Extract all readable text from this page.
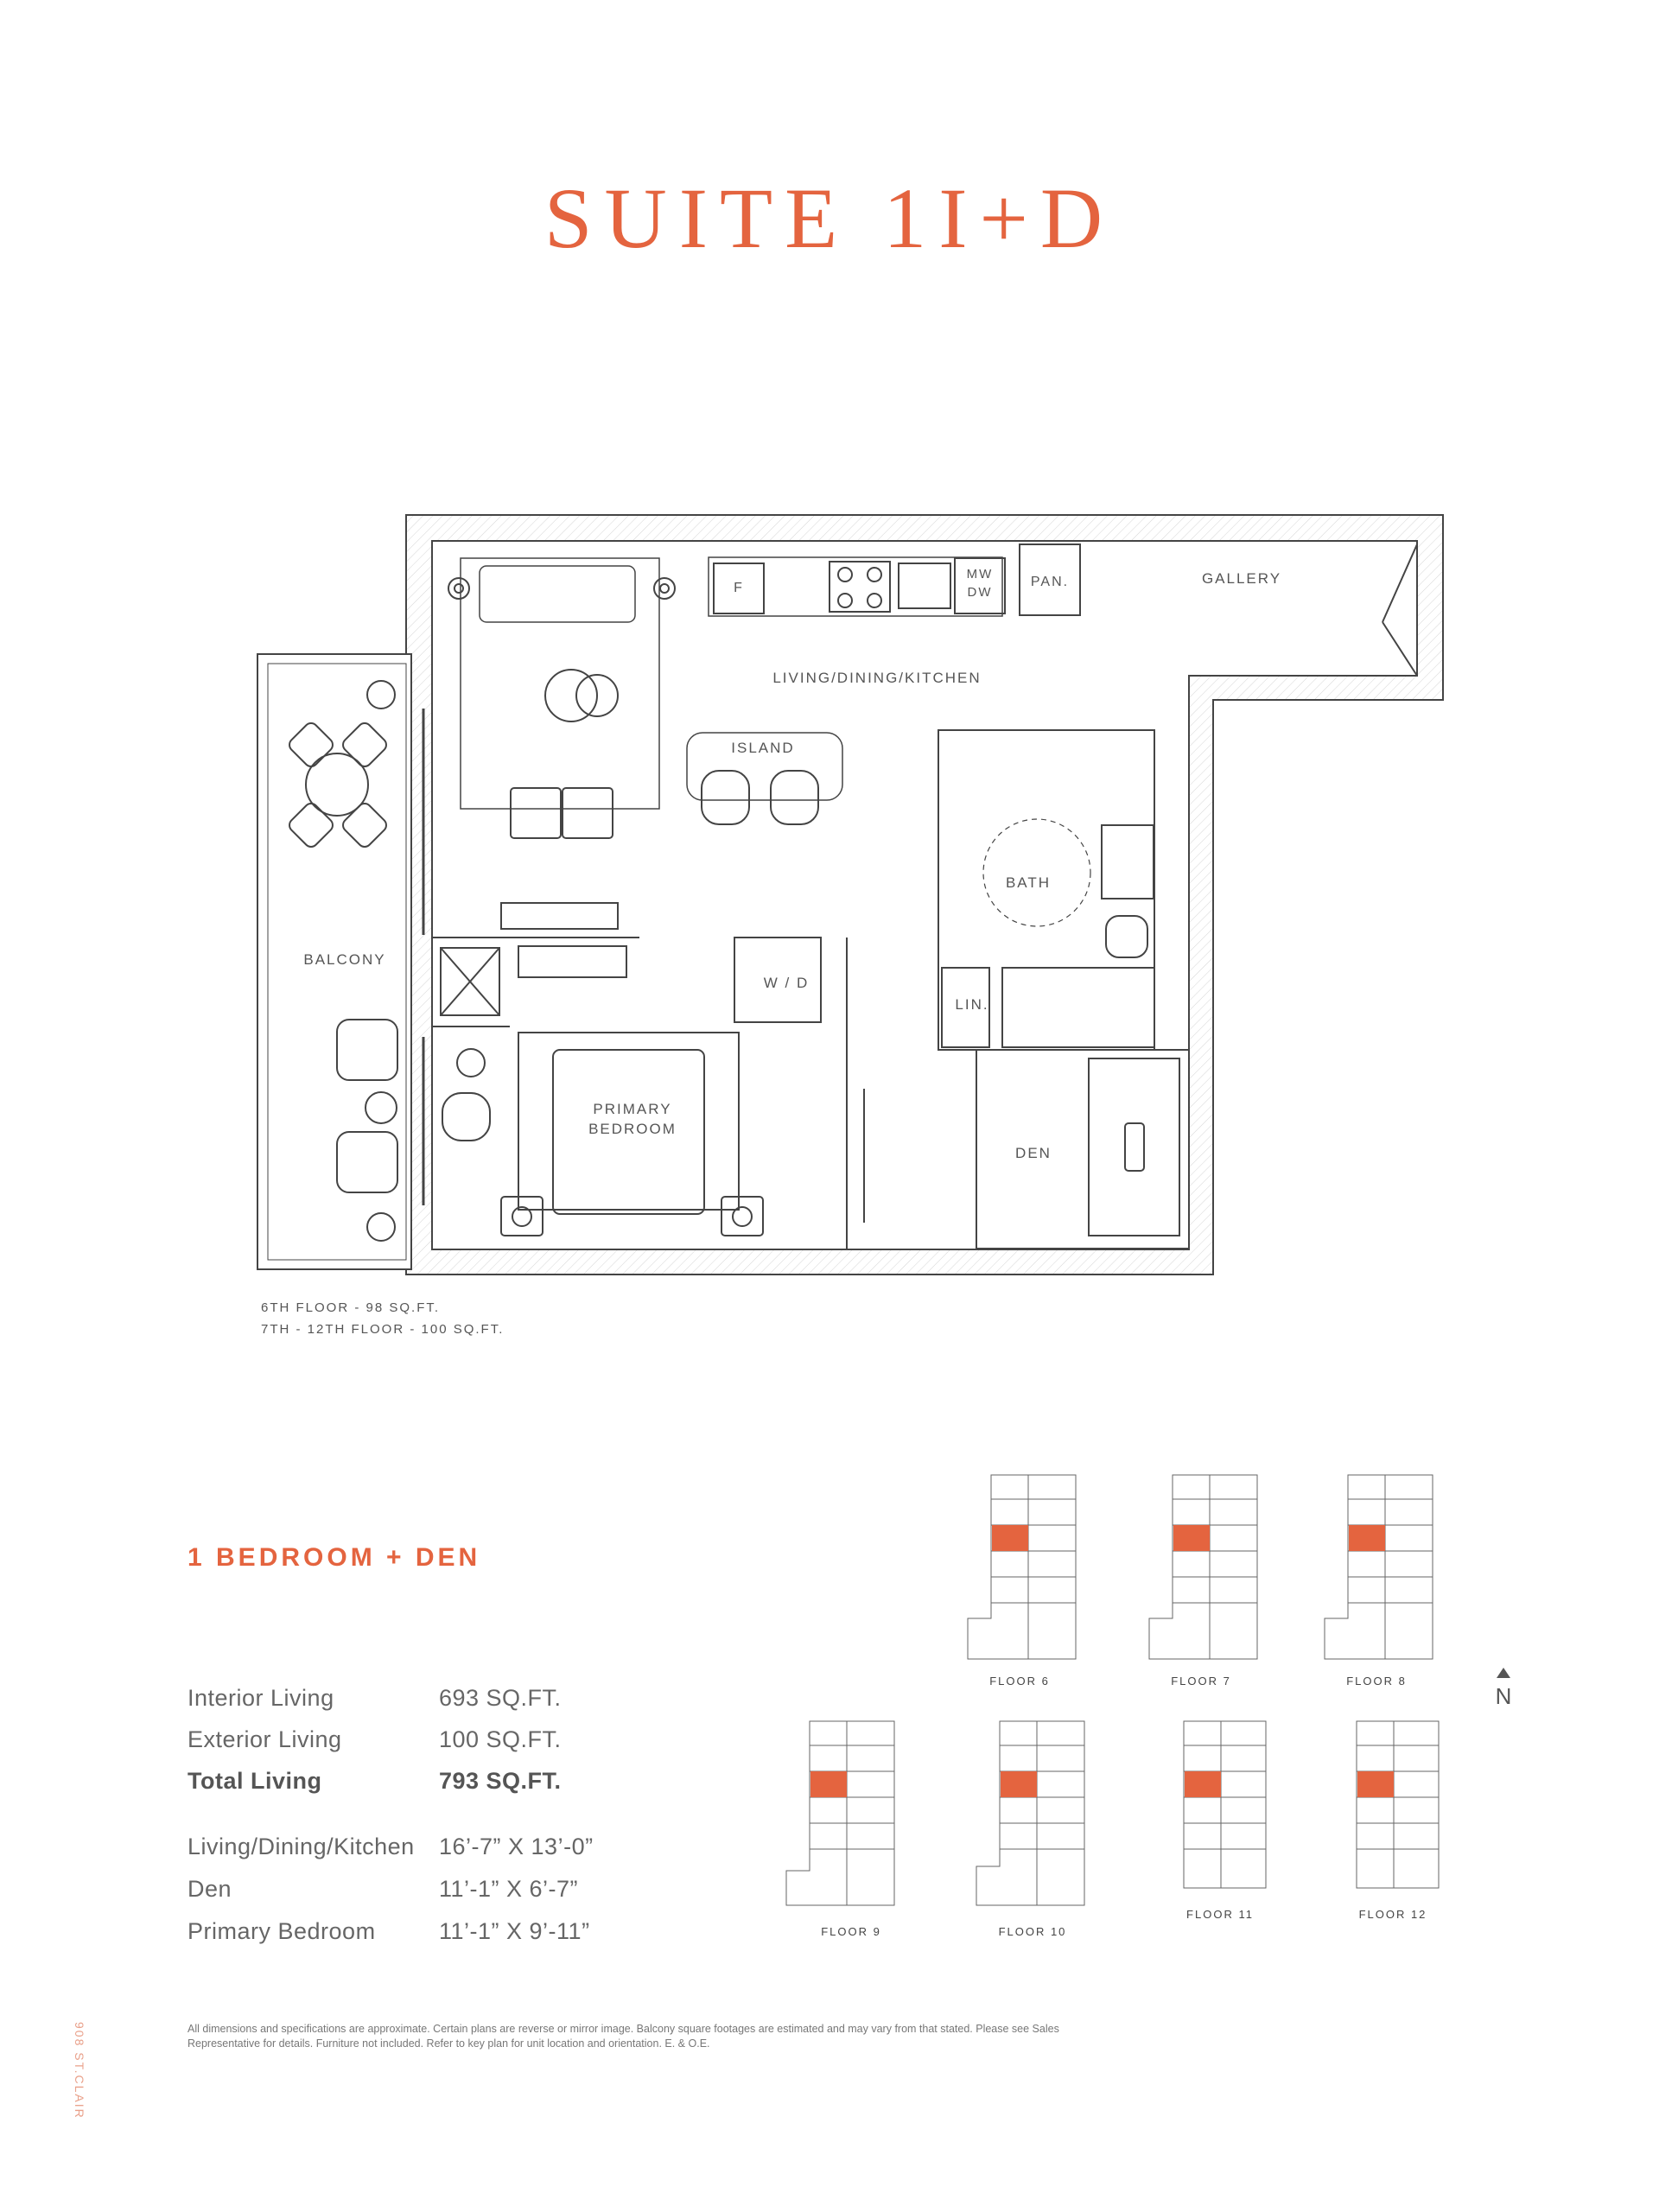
SUITE 1I+D
GALLERY
LIVING/DINING/KITCHEN
ISLAND
BALCONY
BATH
W / D
LIN.
PRIMARY
BEDROOM
DEN
F
MW
DW
PAN.
6TH FLOOR - 98 SQ.FT.
7TH - 12TH FLOOR - 100 SQ.FT.
1 BEDROOM + DEN
Interior Living	693 SQ.FT.
Exterior Living	100 SQ.FT.
Total Living	793 SQ.FT.
Living/Dining/Kitchen 16’-7” X 13’-0”
Den	11’-1” X 6’-7”
Primary Bedroom	11’-1” X 9’-11”
FLOOR 6	FLOOR 7	FLOOR 8
FLOOR 9	FLOOR 10
FLOOR 11	FLOOR 12
N
All dimensions and specifications are approximate. Certain plans are reverse or mirror image. Balcony square footages are estimated and may vary from that stated. Please see Sales Representative for details. Furniture not included. Refer to key plan for unit location and orientation. E. & O.E.
908 ST.CLAIR
